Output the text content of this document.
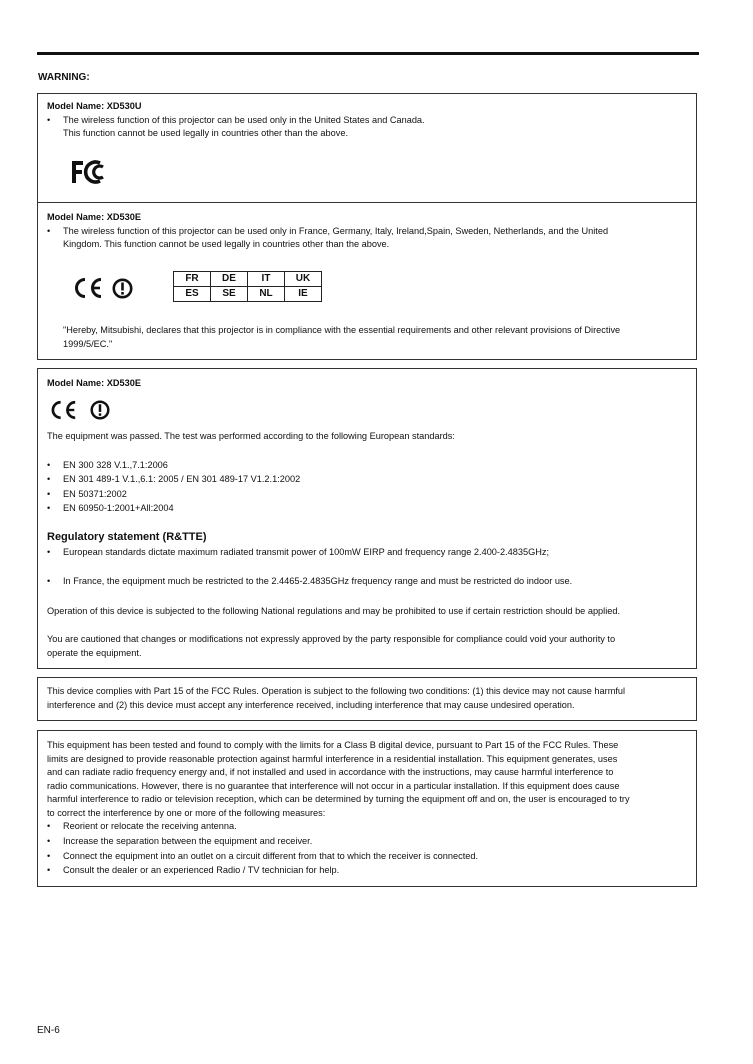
WARNING:
Model Name: XD530U
• The wireless function of this projector can be used only in the United States and Canada.
This function cannot be used legally in countries other than the above.
Model Name: XD530E
• The wireless function of this projector can be used only in France, Germany, Italy, Ireland,Spain, Sweden, Netherlands, and the United
Kingdom. This function cannot be used legally in countries other than the above.
FR	DE	IT	UK
ES	SE	NL	IE
"Hereby, Mitsubishi, declares that this projector is in compliance with the essential requirements and other relevant provisions of Directive
1999/5/EC."
Model Name: XD530E
The equipment was passed. The test was performed according to the following European standards:
• EN 300 328 V.1.,7.1:2006
• EN 301 489-1 V.1.,6.1: 2005 / EN 301 489-17 V1.2.1:2002
• EN 50371:2002
• EN 60950-1:2001+All:2004
Regulatory statement (R&TTE)
• European standards dictate maximum radiated transmit power of 100mW EIRP and frequency range 2.400-2.4835GHz;
• In France, the equipment much be restricted to the 2.4465-2.4835GHz frequency range and must be restricted do indoor use.
Operation of this device is subjected to the following National regulations and may be prohibited to use if certain restriction should be applied.
You are cautioned that changes or modifications not expressly approved by the party responsible for compliance could void your authority to
operate the equipment.
This device complies with Part 15 of the FCC Rules. Operation is subject to the following two conditions: (1) this device may not cause harmful
interference and (2) this device must accept any interference received, including interference that may cause undesired operation.
This equipment has been tested and found to comply with the limits for a Class B digital device, pursuant to Part 15 of the FCC Rules. These
limits are designed to provide reasonable protection against harmful interference in a residential installation. This equipment generates, uses
and can radiate radio frequency energy and, if not installed and used in accordance with the instructions, may cause harmful interference to
radio communications. However, there is no guarantee that interference will not occur in a particular installation. If this equipment does cause
harmful interference to radio or television reception, which can be determined by turning the equipment off and on, the user is encouraged to try
to correct the interference by one or more of the following measures:
• Reorient or relocate the receiving antenna.
• Increase the separation between the equipment and receiver.
• Connect the equipment into an outlet on a circuit different from that to which the receiver is connected.
• Consult the dealer or an experienced Radio / TV technician for help.
EN-6
